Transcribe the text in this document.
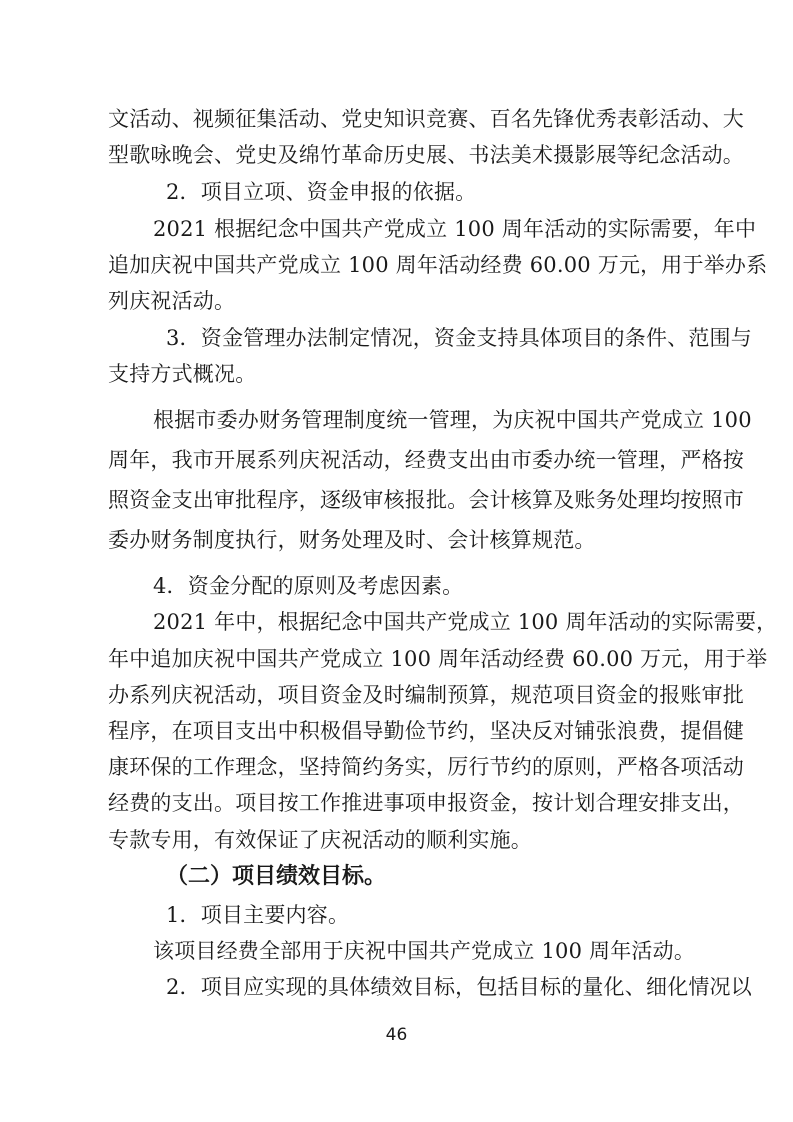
文活动、视频征集活动、党史知识竞赛、百名先锋优秀表彰活动、大
型歌咏晚会、党史及绵竹革命历史展、书法美术摄影展等纪念活动。
2．项目立项、资金申报的依据。
2021 根据纪念中国共产党成立 100 周年活动的实际需要，年中
追加庆祝中国共产党成立 100 周年活动经费 60.00 万元，用于举办系
列庆祝活动。
3．资金管理办法制定情况，资金支持具体项目的条件、范围与
支持方式概况。
根据市委办财务管理制度统一管理，为庆祝中国共产党成立 100
周年，我市开展系列庆祝活动，经费支出由市委办统一管理，严格按
照资金支出审批程序，逐级审核报批。会计核算及账务处理均按照市
委办财务制度执行，财务处理及时、会计核算规范。
4．资金分配的原则及考虑因素。
2021 年中，根据纪念中国共产党成立 100 周年活动的实际需要，
年中追加庆祝中国共产党成立 100 周年活动经费 60.00 万元，用于举
办系列庆祝活动，项目资金及时编制预算，规范项目资金的报账审批
程序，在项目支出中积极倡导勤俭节约，坚决反对铺张浪费，提倡健
康环保的工作理念，坚持简约务实，厉行节约的原则，严格各项活动
经费的支出。项目按工作推进事项申报资金，按计划合理安排支出，
专款专用，有效保证了庆祝活动的顺利实施。
（二）项目绩效目标。
1．项目主要内容。
该项目经费全部用于庆祝中国共产党成立 100 周年活动。
2．项目应实现的具体绩效目标，包括目标的量化、细化情况以
46
